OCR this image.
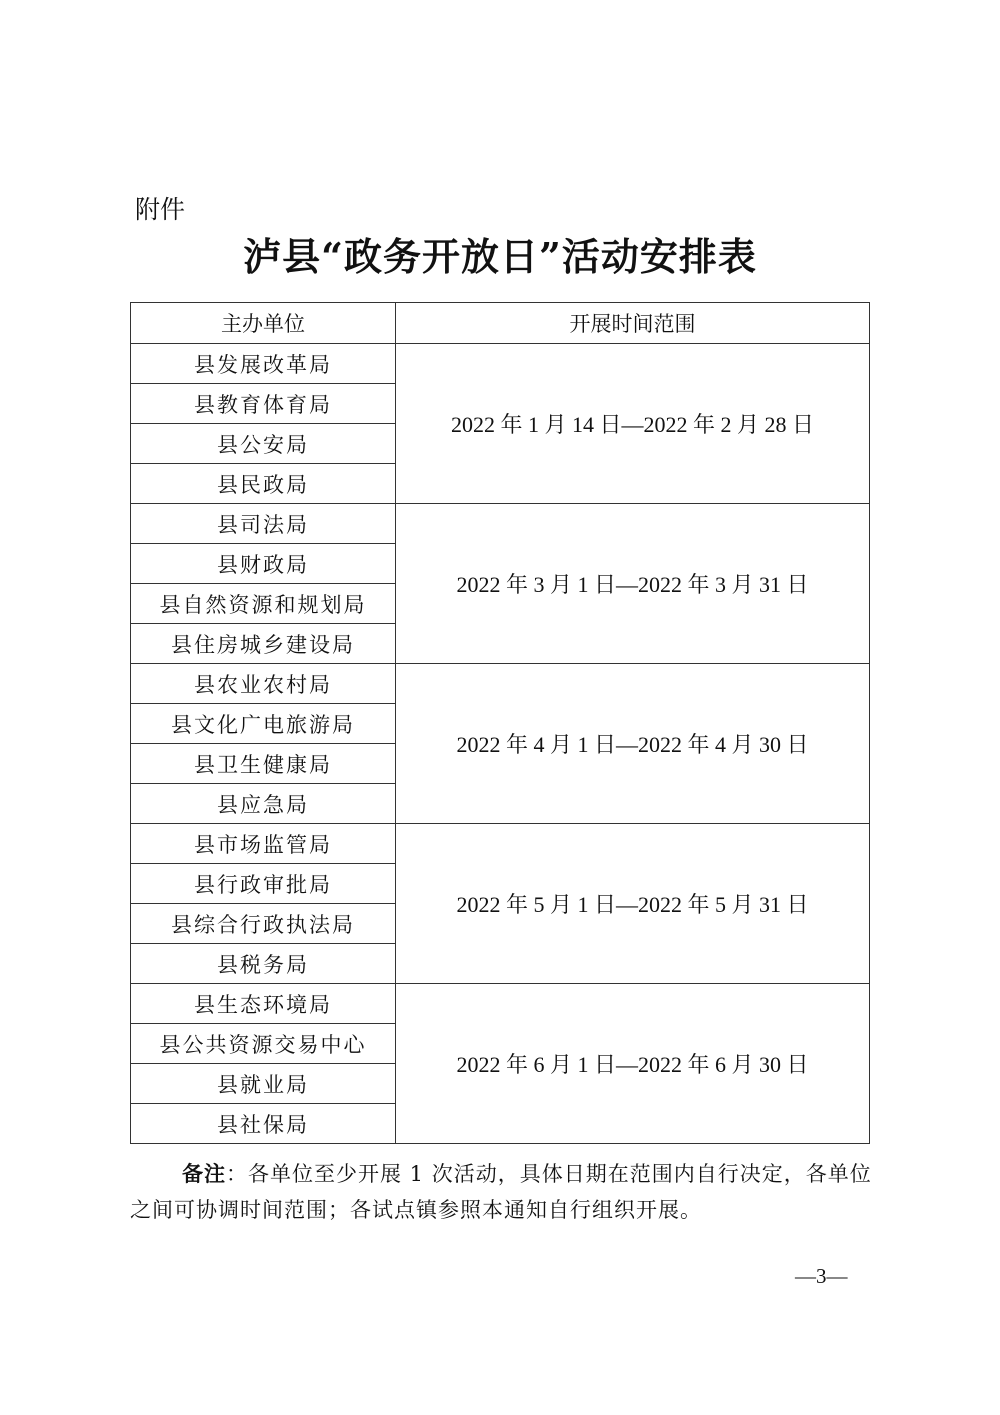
附件
泸县“政务开放日”活动安排表
主办单位	开展时间范围
县发展改革局	2022 年 1 月 14 日—2022 年 2 月 28 日
县教育体育局	
县公安局	
县民政局	
县司法局	2022 年 3 月 1 日—2022 年 3 月 31 日
县财政局	
县自然资源和规划局	
县住房城乡建设局	
县农业农村局	2022 年 4 月 1 日—2022 年 4 月 30 日
县文化广电旅游局	
县卫生健康局	
县应急局	
县市场监管局	2022 年 5 月 1 日—2022 年 5 月 31 日
县行政审批局	
县综合行政执法局	
县税务局	
县生态环境局	2022 年 6 月 1 日—2022 年 6 月 30 日
县公共资源交易中心	
县就业局	
县社保局	
备注：各单位至少开展 1 次活动，具体日期在范围内自行决定，各单位之间可协调时间范围；各试点镇参照本通知自行组织开展。
—3—
